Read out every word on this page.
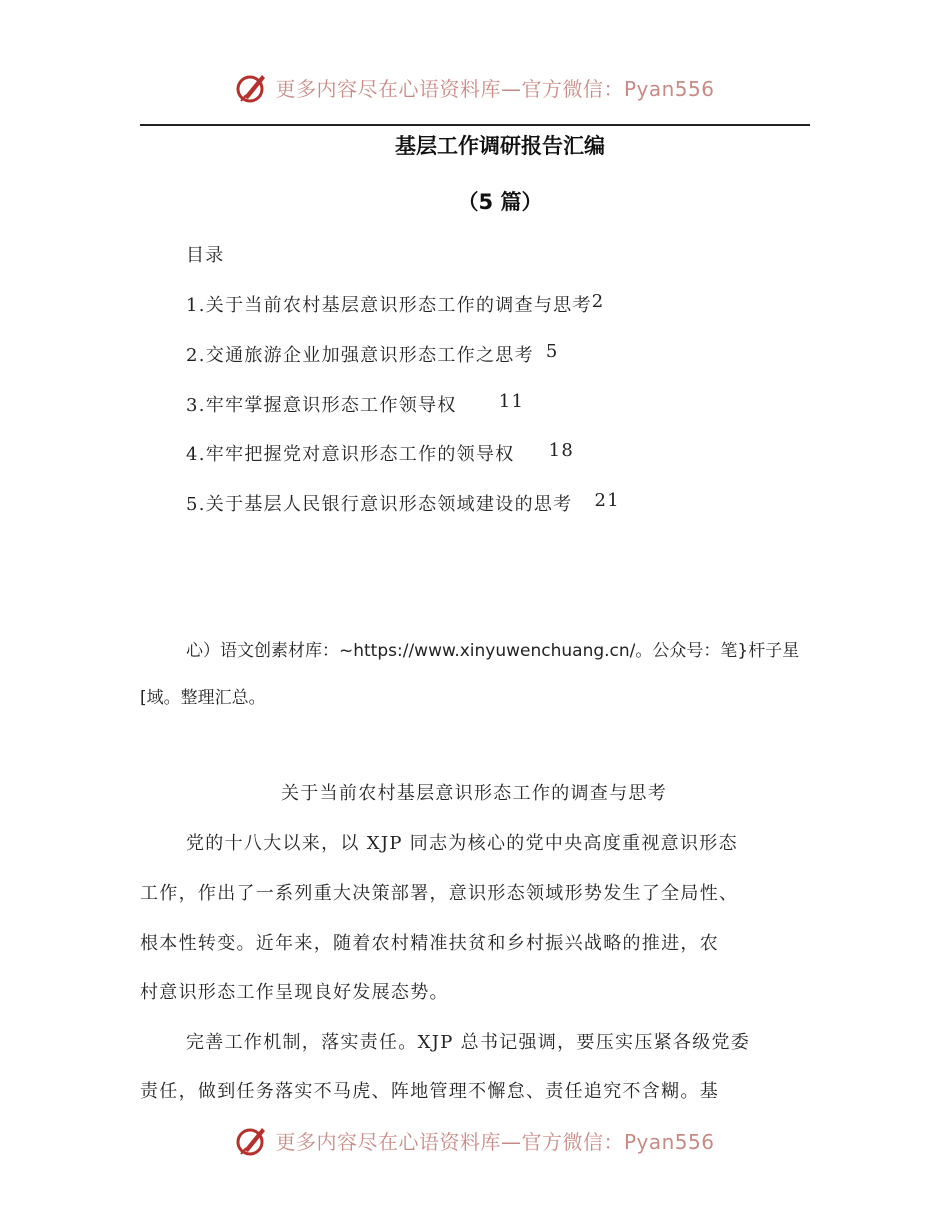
更多内容尽在心语资料库—官方微信：Pyan556
基层工作调研报告汇编
（5 篇）
目录
1.关于当前农村基层意识形态工作的调查与思考 2
2.交通旅游企业加强意识形态工作之思考 5
3.牢牢掌握意识形态工作领导权 11
4.牢牢把握党对意识形态工作的领导权 18
5.关于基层人民银行意识形态领域建设的思考 21
心）语文创素材库：~https://www.xinyuwenchuang.cn/。公众号：笔}杆子星
[域。整理汇总。
关于当前农村基层意识形态工作的调查与思考
党的十八大以来，以 XJP 同志为核心的党中央高度重视意识形态
工作，作出了一系列重大决策部署，意识形态领域形势发生了全局性、
根本性转变。近年来，随着农村精准扶贫和乡村振兴战略的推进，农
村意识形态工作呈现良好发展态势。
完善工作机制，落实责任。XJP 总书记强调，要压实压紧各级党委
责任，做到任务落实不马虎、阵地管理不懈怠、责任追究不含糊。基
更多内容尽在心语资料库—官方微信：Pyan556
